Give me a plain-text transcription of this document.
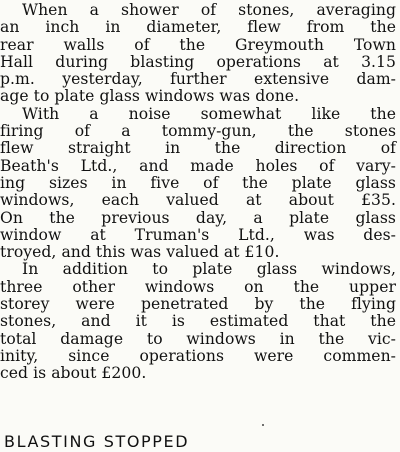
When a shower of stones, averaging
an inch in diameter, flew from the
rear walls of the Greymouth Town
Hall during blasting operations at 3.15
p.m. yesterday, further extensive dam-
age to plate glass windows was done.
With a noise somewhat like the
firing of a tommy-gun, the stones
flew straight in the direction of
Beath's Ltd., and made holes of vary-
ing sizes in five of the plate glass
windows, each valued at about £35.
On the previous day, a plate glass
window at Truman's Ltd., was des-
troyed, and this was valued at £10.
In addition to plate glass windows,
three other windows on the upper
storey were penetrated by the flying
stones, and it is estimated that the
total damage to windows in the vic-
inity, since operations were commen-
ced is about £200.
BLASTING STOPPED
